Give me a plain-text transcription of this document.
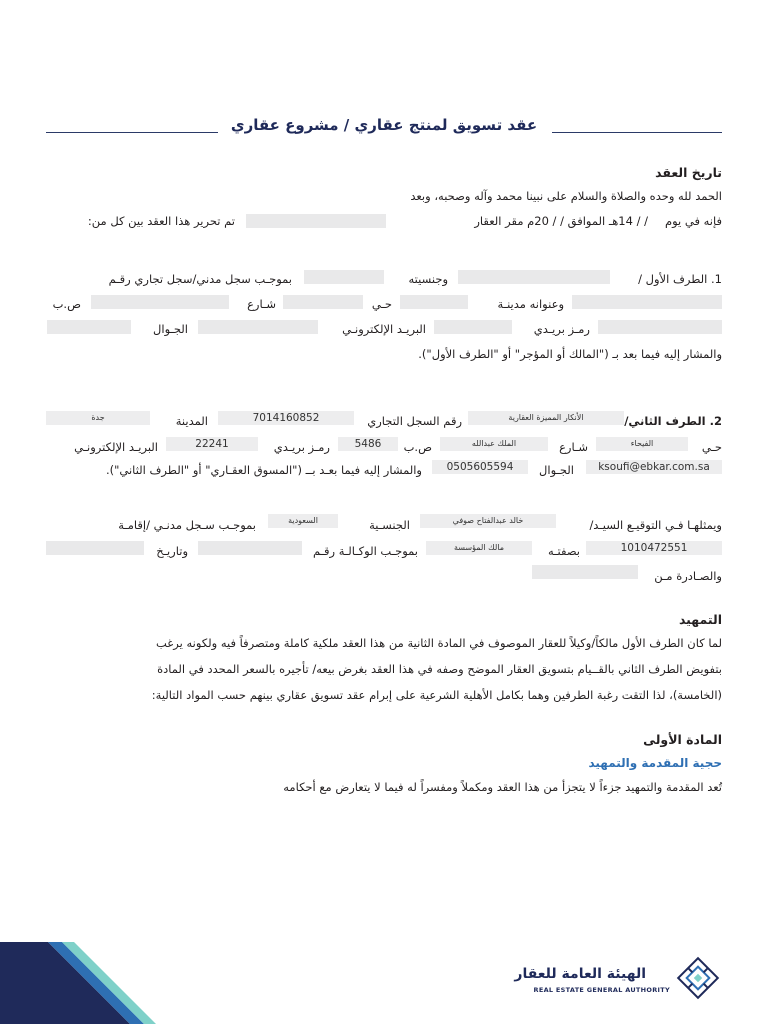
عقد تسويق لمنتج عقاري / مشروع عقاري
تاريخ العقد
الحمد لله وحده والصلاة والسلام على نبينا محمد وآله وصحبه، وبعد
فإنه في يوم
/ / 14هـ الموافق / / 20م مقر العقار
تم تحرير هذا العقد بين كل من:
1. الطرف الأول /
وجنسيته
بموجـب سجل مدني/سجل تجاري رقـم
وعنوانه مدينـة
حـي
شـارع
ص.ب
رمـز بريـدي
البريـد الإلكترونـي
الجـوال
والمشار إليه فيما بعد بـ ("المالك أو المؤجر" أو "الطرف الأول").
2. الطرف الثاني/
الأنكار المميزة العقارية
رقم السجل التجاري
7014160852
المدينة
جدة
حـي
الفيحاء
شـارع
الملك عبدالله
ص.ب
5486
رمـز بريـدي
22241
البريـد الإلكترونـي
ksoufi@ebkar.com.sa
الجـوال
0505605594
والمشار إليه فيما بعـد بــ ("المسوق العقـاري" أو "الطرف الثاني").
ويمثلهـا فـي التوقيـع السيـد/
خالد عبدالفتاح صوفي
الجنسـية
السعودية
بموجـب سـجل مدنـي /إقامـة
1010472551
بصفتـه
مالك المؤسسة
بموجـب الوكـالـة رقـم
وتاريـخ
والصـادرة مـن
التمهيد
لما كان الطرف الأول مالكاً/وكيلاً للعقار الموصوف في المادة الثانية من هذا العقد ملكية كاملة ومتصرفاً فيه ولكونه يرغب
بتفويض الطرف الثاني بالقــيام بتسويق العقار الموضح وصفه في هذا العقد بغرض بيعه/ تأجيره بالسعر المحدد في المادة
(الخامسة)، لذا التقت رغبة الطرفين وهما بكامل الأهلية الشرعية على إبرام عقد تسويق عقاري بينهم حسب المواد التالية:
المادة الأولى
حجية المقدمة والتمهيد
تُعد المقدمة والتمهيد جزءاً لا يتجزأ من هذا العقد ومكملاً ومفسراً له فيما لا يتعارض مع أحكامه
الهيئة العامة للعقار
REAL ESTATE GENERAL AUTHORITY
